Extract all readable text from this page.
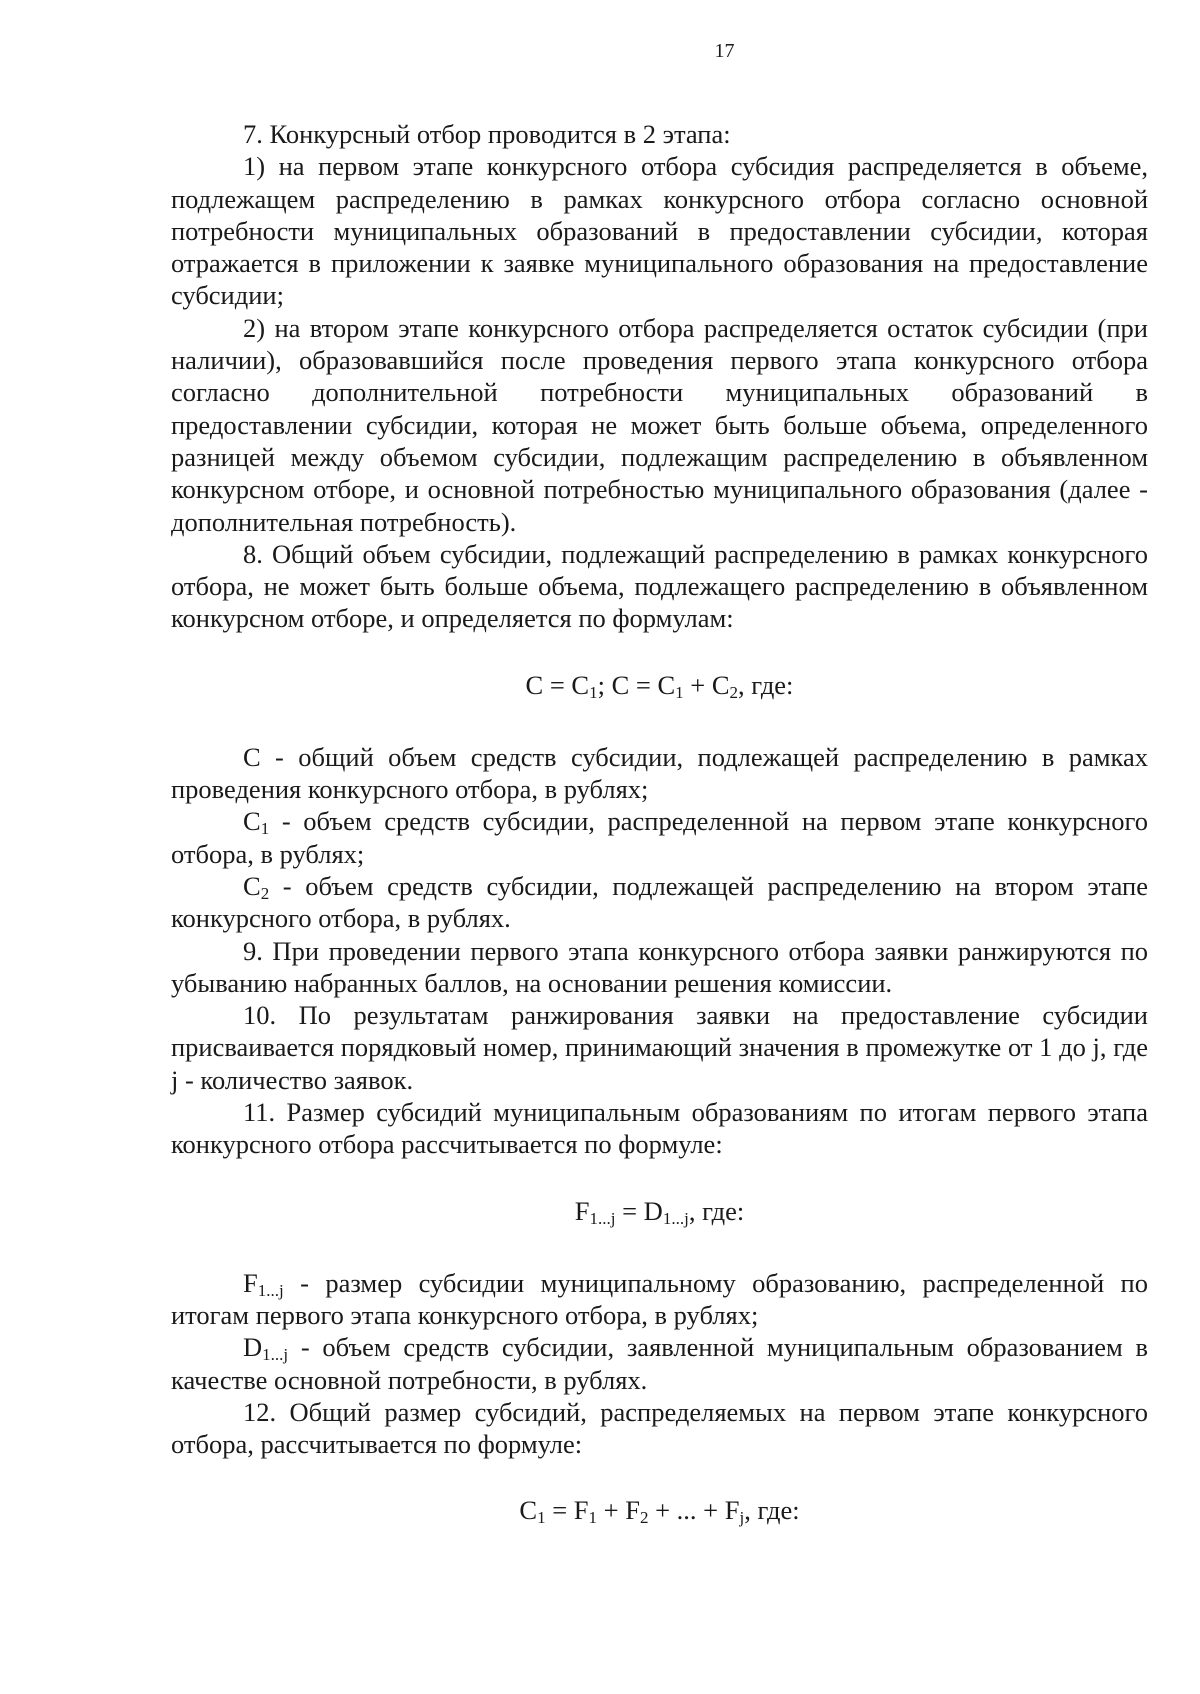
17

7. Конкурсный отбор проводится в 2 этапа:

1) на первом этапе конкурсного отбора субсидия распределяется в объеме, подлежащем распределению в рамках конкурсного отбора согласно основной потребности муниципальных образований в предоставлении субсидии, которая отражается в приложении к заявке муниципального образования на предоставление субсидии;

2) на втором этапе конкурсного отбора распределяется остаток субсидии (при наличии), образовавшийся после проведения первого этапа конкурсного отбора согласно дополнительной потребности муниципальных образований в предоставлении субсидии, которая не может быть больше объема, определенного разницей между объемом субсидии, подлежащим распределению в объявленном конкурсном отборе, и основной потребностью муниципального образования (далее - дополнительная потребность).

8. Общий объем субсидии, подлежащий распределению в рамках конкурсного отбора, не может быть больше объема, подлежащего распределению в объявленном конкурсном отборе, и определяется по формулам:

$C = C_1$; $C = C_1 + C_2$, где:

C - общий объем средств субсидии, подлежащей распределению в рамках проведения конкурсного отбора, в рублях;

$C_1$ - объем средств субсидии, распределенной на первом этапе конкурсного отбора, в рублях;

$C_2$ - объем средств субсидии, подлежащей распределению на втором этапе конкурсного отбора, в рублях.

9. При проведении первого этапа конкурсного отбора заявки ранжируются по убыванию набранных баллов, на основании решения комиссии.

10. По результатам ранжирования заявки на предоставление субсидии присваивается порядковый номер, принимающий значения в промежутке от 1 до j, где j - количество заявок.

11. Размер субсидий муниципальным образованиям по итогам первого этапа конкурсного отбора рассчитывается по формуле:

$F_{1...j} = D_{1...j}$, где:

$F_{1...j}$ - размер субсидии муниципальному образованию, распределенной по итогам первого этапа конкурсного отбора, в рублях;

$D_{1...j}$ - объем средств субсидии, заявленной муниципальным образованием в качестве основной потребности, в рублях.

12. Общий размер субсидий, распределяемых на первом этапе конкурсного отбора, рассчитывается по формуле:

$C_1 = F_1 + F_2$ + ... + $F_j$, где:
